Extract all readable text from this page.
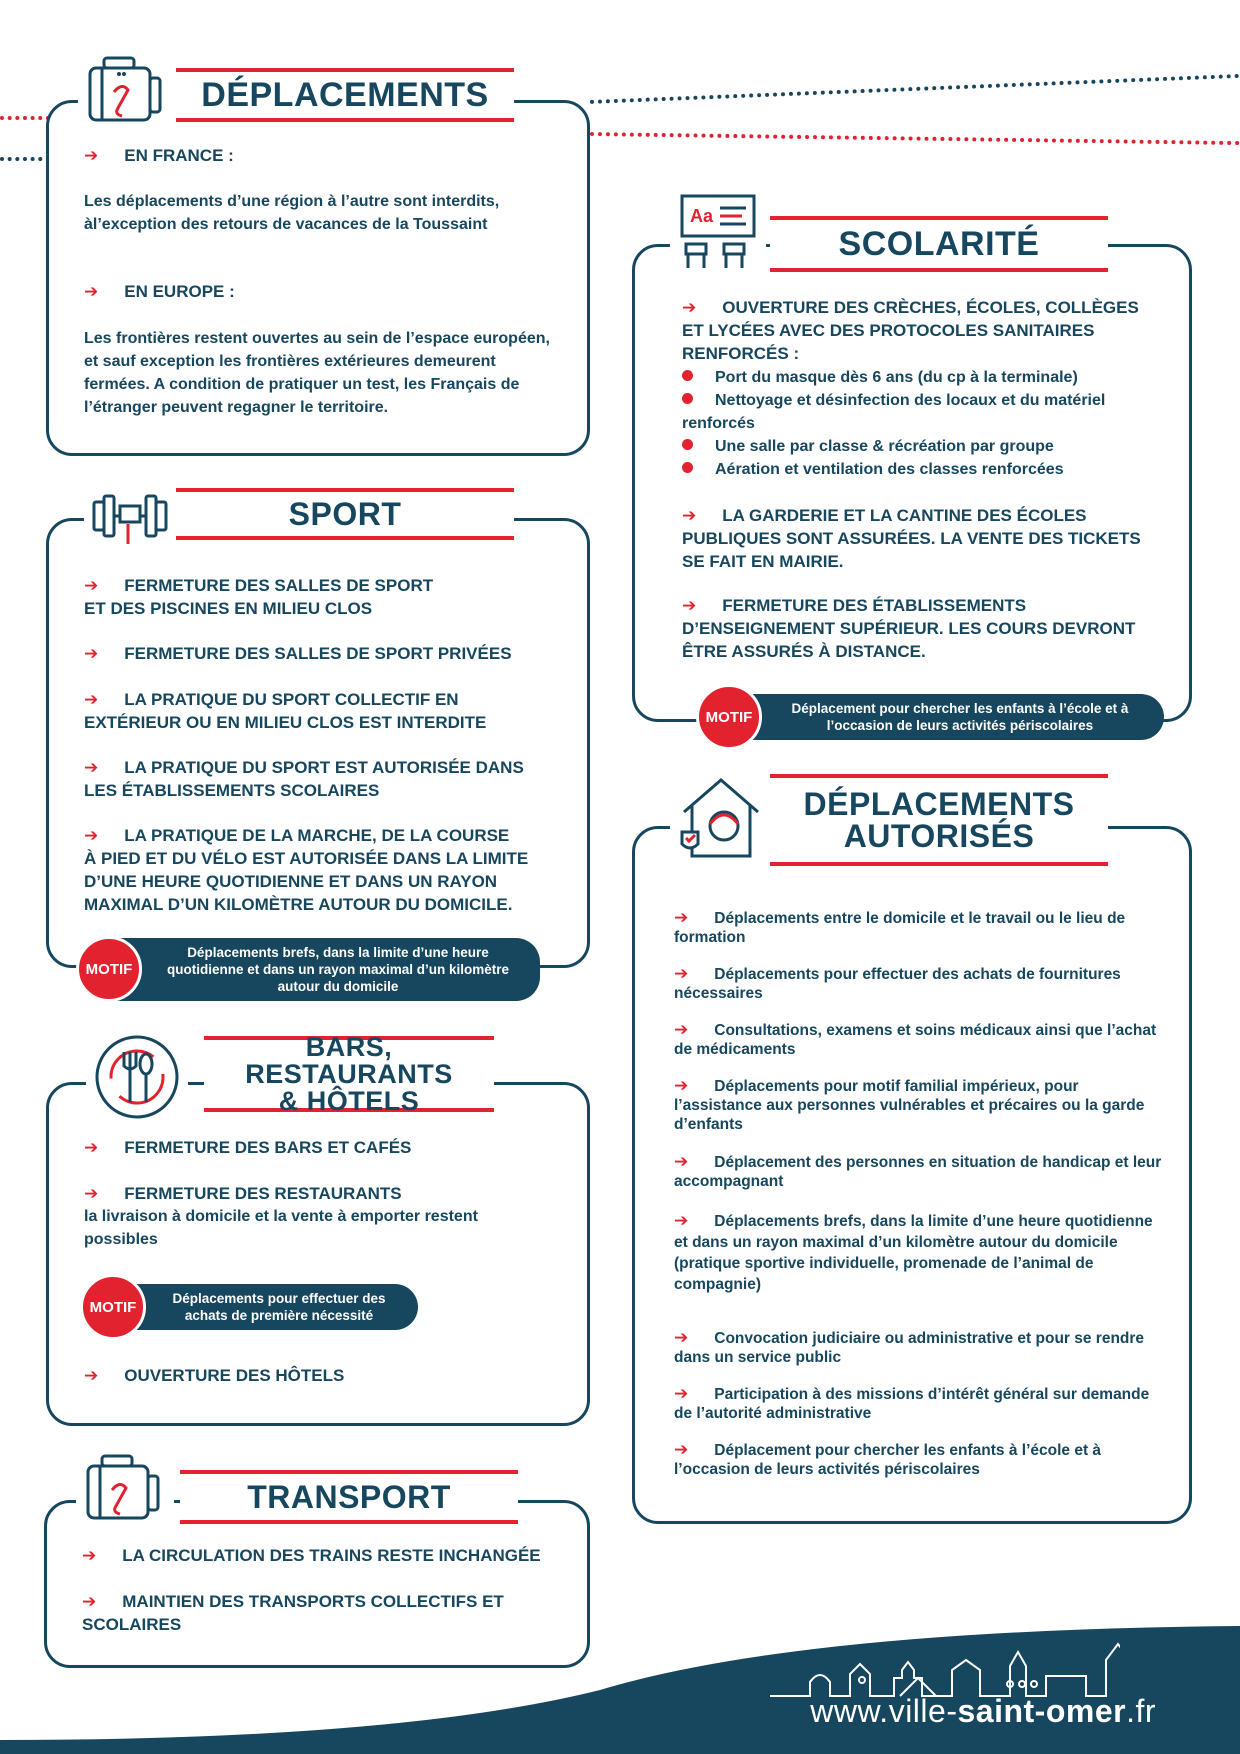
DÉPLACEMENTS
➔ EN FRANCE :
Les déplacements d’une région à l’autre sont interdits, àl’exception des retours de vacances de la Toussaint
➔ EN EUROPE :
Les frontières restent ouvertes au sein de l’espace européen, et sauf exception les frontières extérieures demeurent fermées. A condition de pratiquer un test, les Français de l’étranger peuvent regagner le territoire.
SPORT
➔ FERMETURE DES SALLES DE SPORT
ET DES PISCINES EN MILIEU CLOS
➔ FERMETURE DES SALLES DE SPORT PRIVÉES
➔ LA PRATIQUE DU SPORT COLLECTIF EN
EXTÉRIEUR OU EN MILIEU CLOS EST INTERDITE
➔ LA PRATIQUE DU SPORT EST AUTORISÉE DANS
LES ÉTABLISSEMENTS SCOLAIRES
➔ LA PRATIQUE DE LA MARCHE, DE LA COURSE
À PIED ET DU VÉLO EST AUTORISÉE DANS LA LIMITE D’UNE HEURE QUOTIDIENNE ET DANS UN RAYON MAXIMAL D’UN KILOMÈTRE AUTOUR DU DOMICILE.
MOTIF
Déplacements brefs, dans la limite d’une heure quotidienne et dans un rayon maximal d’un kilomètre autour du domicile
BARS, RESTAURANTS
& HÔTELS
➔ FERMETURE DES BARS ET CAFÉS
➔ FERMETURE DES RESTAURANTS
la livraison à domicile et la vente à emporter restent possibles
MOTIF	Déplacements pour effectuer des achats de première nécessité
➔ OUVERTURE DES HÔTELS
TRANSPORT
➔ LA CIRCULATION DES TRAINS RESTE INCHANGÉE
➔ MAINTIEN DES TRANSPORTS COLLECTIFS ET SCOLAIRES
Aa
SCOLARITÉ
➔ OUVERTURE DES CRÈCHES, ÉCOLES, COLLÈGES ET LYCÉES AVEC DES PROTOCOLES SANITAIRES RENFORCÉS :
Port du masque dès 6 ans (du cp à la terminale)
Nettoyage et désinfection des locaux et du matériel renforcés
Une salle par classe & récréation par groupe
Aération et ventilation des classes renforcées
➔ LA GARDERIE ET LA CANTINE DES ÉCOLES PUBLIQUES SONT ASSURÉES. LA VENTE DES TICKETS SE FAIT EN MAIRIE.
➔ FERMETURE DES ÉTABLISSEMENTS D’ENSEIGNEMENT SUPÉRIEUR. LES COURS DEVRONT ÊTRE ASSURÉS À DISTANCE.
MOTIF	Déplacement pour chercher les enfants à l’école et à l’occasion de leurs activités périscolaires
DÉPLACEMENTS
AUTORISÉS
➔ Déplacements entre le domicile et le travail ou le lieu de formation
➔ Déplacements pour effectuer des achats de fournitures nécessaires
➔ Consultations, examens et soins médicaux ainsi que l’achat de médicaments
➔ Déplacements pour motif familial impérieux, pour l’assistance aux personnes vulnérables et précaires ou la garde d’enfants
➔ Déplacement des personnes en situation de handicap et leur accompagnant
➔ Déplacements brefs, dans la limite d’une heure quotidienne et dans un rayon maximal d’un kilomètre autour du domicile (pratique sportive individuelle, promenade de l’animal de compagnie)
➔ Convocation judiciaire ou administrative et pour se rendre dans un service public
➔ Participation à des missions d’intérêt général sur demande de l’autorité administrative
➔ Déplacement pour chercher les enfants à l’école et à l’occasion de leurs activités périscolaires
www.ville-saint-omer.fr
